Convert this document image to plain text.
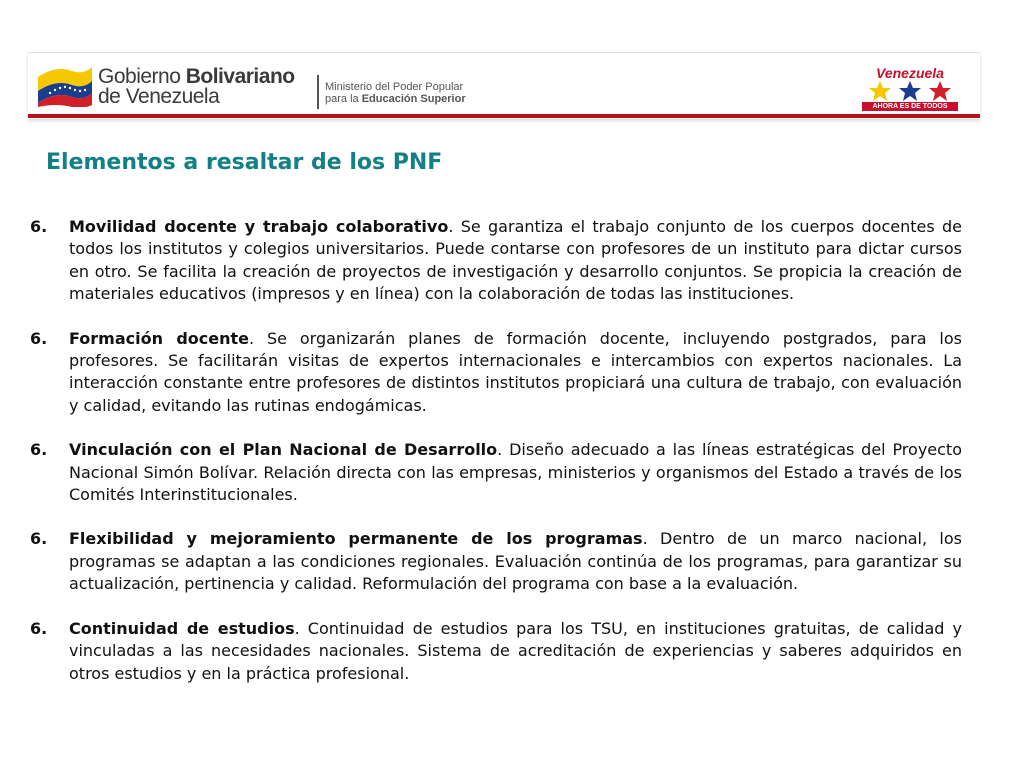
Gobierno Bolivariano
de Venezuela	Ministerio del Poder Popular
para la Educación Superior
Venezuela
AHORA ES DE TODOS
Elementos a resaltar de los PNF
6.	Movilidad docente y trabajo colaborativo. Se garantiza el trabajo conjunto de los cuerpos docentes de todos los institutos y colegios universitarios. Puede contarse con profesores de un instituto para dictar cursos en otro. Se facilita la creación de proyectos de investigación y desarrollo conjuntos. Se propicia la creación de materiales educativos (impresos y en línea) con la colaboración de todas las instituciones.
6.	Formación docente. Se organizarán planes de formación docente, incluyendo postgrados, para los profesores. Se facilitarán visitas de expertos internacionales e intercambios con expertos nacionales. La interacción constante entre profesores de distintos institutos propiciará una cultura de trabajo, con evaluación y calidad, evitando las rutinas endogámicas.
6.	Vinculación con el Plan Nacional de Desarrollo. Diseño adecuado a las líneas estratégicas del Proyecto Nacional Simón Bolívar. Relación directa con las empresas, ministerios y organismos del Estado a través de los Comités Interinstitucionales.
6.	Flexibilidad y mejoramiento permanente de los programas. Dentro de un marco nacional, los programas se adaptan a las condiciones regionales. Evaluación continúa de los programas, para garantizar su actualización, pertinencia y calidad. Reformulación del programa con base a la evaluación.
6.	Continuidad de estudios. Continuidad de estudios para los TSU, en instituciones gratuitas, de calidad y vinculadas a las necesidades nacionales. Sistema de acreditación de experiencias y saberes adquiridos en otros estudios y en la práctica profesional.
